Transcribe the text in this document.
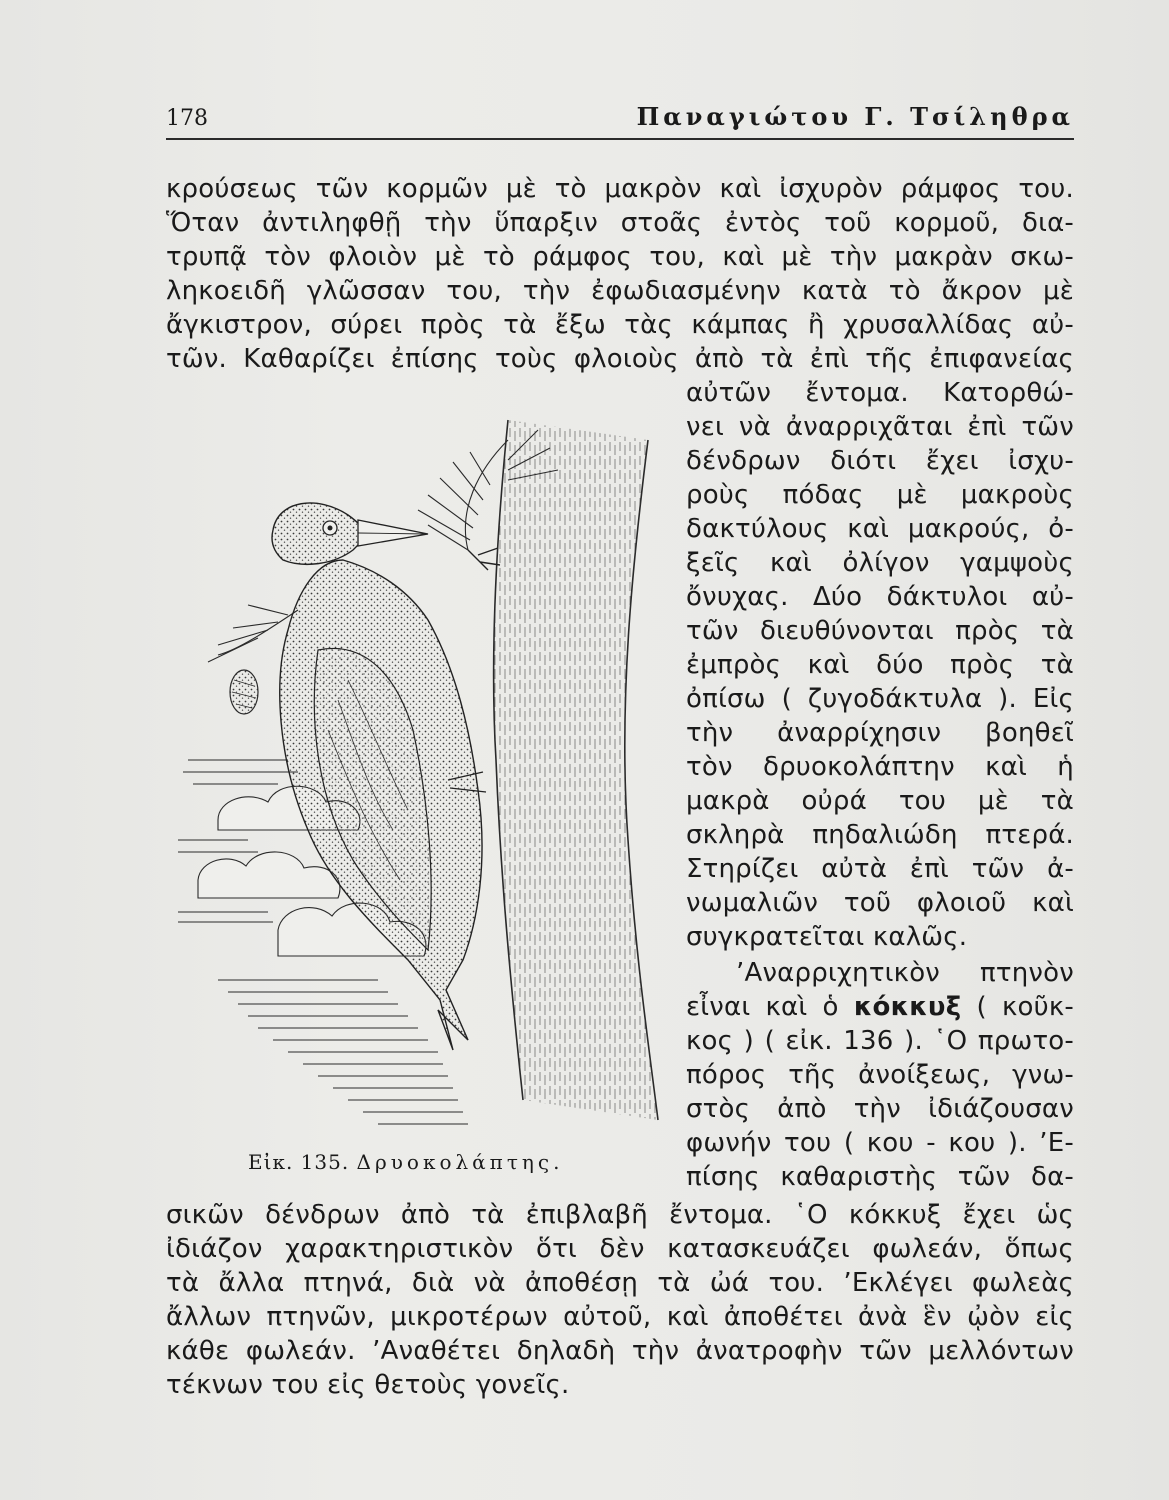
178	Παναγιώτου Γ. Τσίληθρα
κρούσεως τῶν κορμῶν μὲ τὸ μακρὸν καὶ ἰσχυρὸν ράμφος του.
Ὅταν ἀντιληφθῇ τὴν ὕπαρξιν στοᾶς ἐντὸς τοῦ κορμοῦ, δια-
τρυπᾷ τὸν φλοιὸν μὲ τὸ ράμφος του, καὶ μὲ τὴν μακρὰν σκω-
ληκοειδῆ γλῶσσαν του, τὴν ἐφωδιασμένην κατὰ τὸ ἄκρον μὲ
ἄγκιστρον, σύρει πρὸς τὰ ἔξω τὰς κάμπας ἢ χρυσαλλίδας αὐ-
τῶν. Καθαρίζει ἐπίσης τοὺς φλοιοὺς ἀπὸ τὰ ἐπὶ τῆς ἐπιφανείας
αὐτῶν ἔντομα. Κατορθώ-
νει νὰ ἀναρριχᾶται ἐπὶ τῶν
δένδρων διότι ἔχει ἰσχυ-
ροὺς πόδας μὲ μακροὺς
δακτύλους καὶ μακρούς, ὀ-
ξεῖς καὶ ὀλίγον γαμψοὺς
ὄνυχας. Δύο δάκτυλοι αὐ-
τῶν διευθύνονται πρὸς τὰ
ἐμπρὸς καὶ δύο πρὸς τὰ
ὀπίσω ( ζυγοδάκτυλα ). Εἰς
τὴν ἀναρρίχησιν βοηθεῖ
τὸν δρυοκολάπτην καὶ ἡ
μακρὰ οὐρά του μὲ τὰ
σκληρὰ πηδαλιώδη πτερά.
Στηρίζει αὐτὰ ἐπὶ τῶν ἀ-
νωμαλιῶν τοῦ φλοιοῦ καὶ
συγκρατεῖται καλῶς.
’Αναρριχητικὸν πτηνὸν
εἶναι καὶ ὁ κόκκυξ ( κοῦκ-
κος ) ( εἰκ. 136 ). ῾Ο πρωτο-
πόρος τῆς ἀνοίξεως, γνω-
στὸς ἀπὸ τὴν ἰδιάζουσαν
φωνήν του ( κου - κου ). ’Ε-
πίσης καθαριστὴς τῶν δα-
σικῶν δένδρων ἀπὸ τὰ ἐπιβλαβῆ ἔντομα. ῾Ο κόκκυξ ἔχει ὡς
ἰδιάζον χαρακτηριστικὸν ὅτι δὲν κατασκευάζει φωλεάν, ὅπως
τὰ ἄλλα πτηνά, διὰ νὰ ἀποθέσῃ τὰ ὠά του. ’Εκλέγει φωλεὰς
ἄλλων πτηνῶν, μικροτέρων αὐτοῦ, καὶ ἀποθέτει ἀνὰ ἓν ᾠὸν εἰς
κάθε φωλεάν. ’Αναθέτει δηλαδὴ τὴν ἀνατροφὴν τῶν μελλόντων
τέκνων του εἰς θετοὺς γονεῖς.
Εἰκ. 135. Δρυοκολάπτης.
